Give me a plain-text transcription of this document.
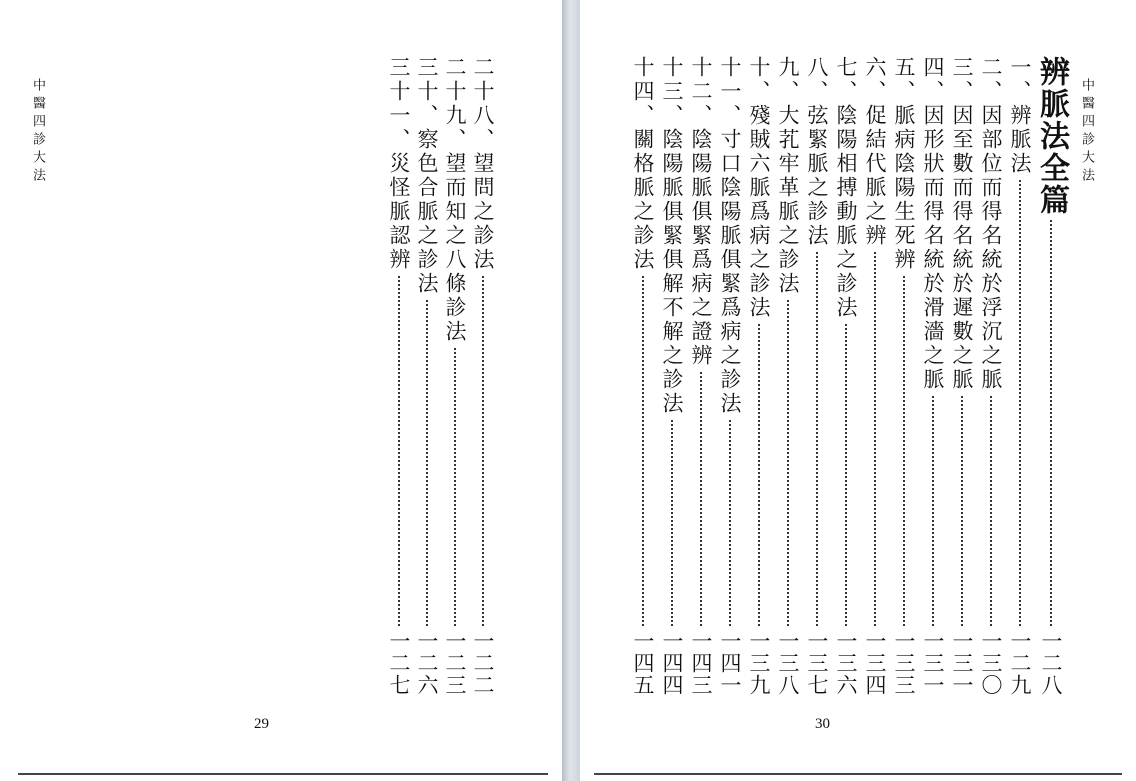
中醫四診大法	二十八、望問之診法
一二二
二十九、望而知之八條診法
一二三
三十、察色合脈之診法
一二六
三十一、災怪脈認辨
一二七
29
中醫四診大法
辨脈法全篇
一二八
一、辨脈法
一二九
二、因部位而得名統於浮沉之脈
一三〇
三、因至數而得名統於遲數之脈
一三一
四、因形狀而得名統於滑濇之脈
一三一
五、脈病陰陽生死辨
一三三
六、促結代脈之辨
一三四
七、陰陽相搏動脈之診法
一三六
八、弦緊脈之診法
一三七
九、大芤牢革脈之診法
一三八
十、殘賊六脈爲病之診法
一三九
十一、寸口陰陽脈俱緊爲病之診法
一四一
十二、陰陽脈俱緊爲病之證辨
一四三
十三、陰陽脈俱緊俱解不解之診法
一四四
十四、關格脈之診法
一四五
30
